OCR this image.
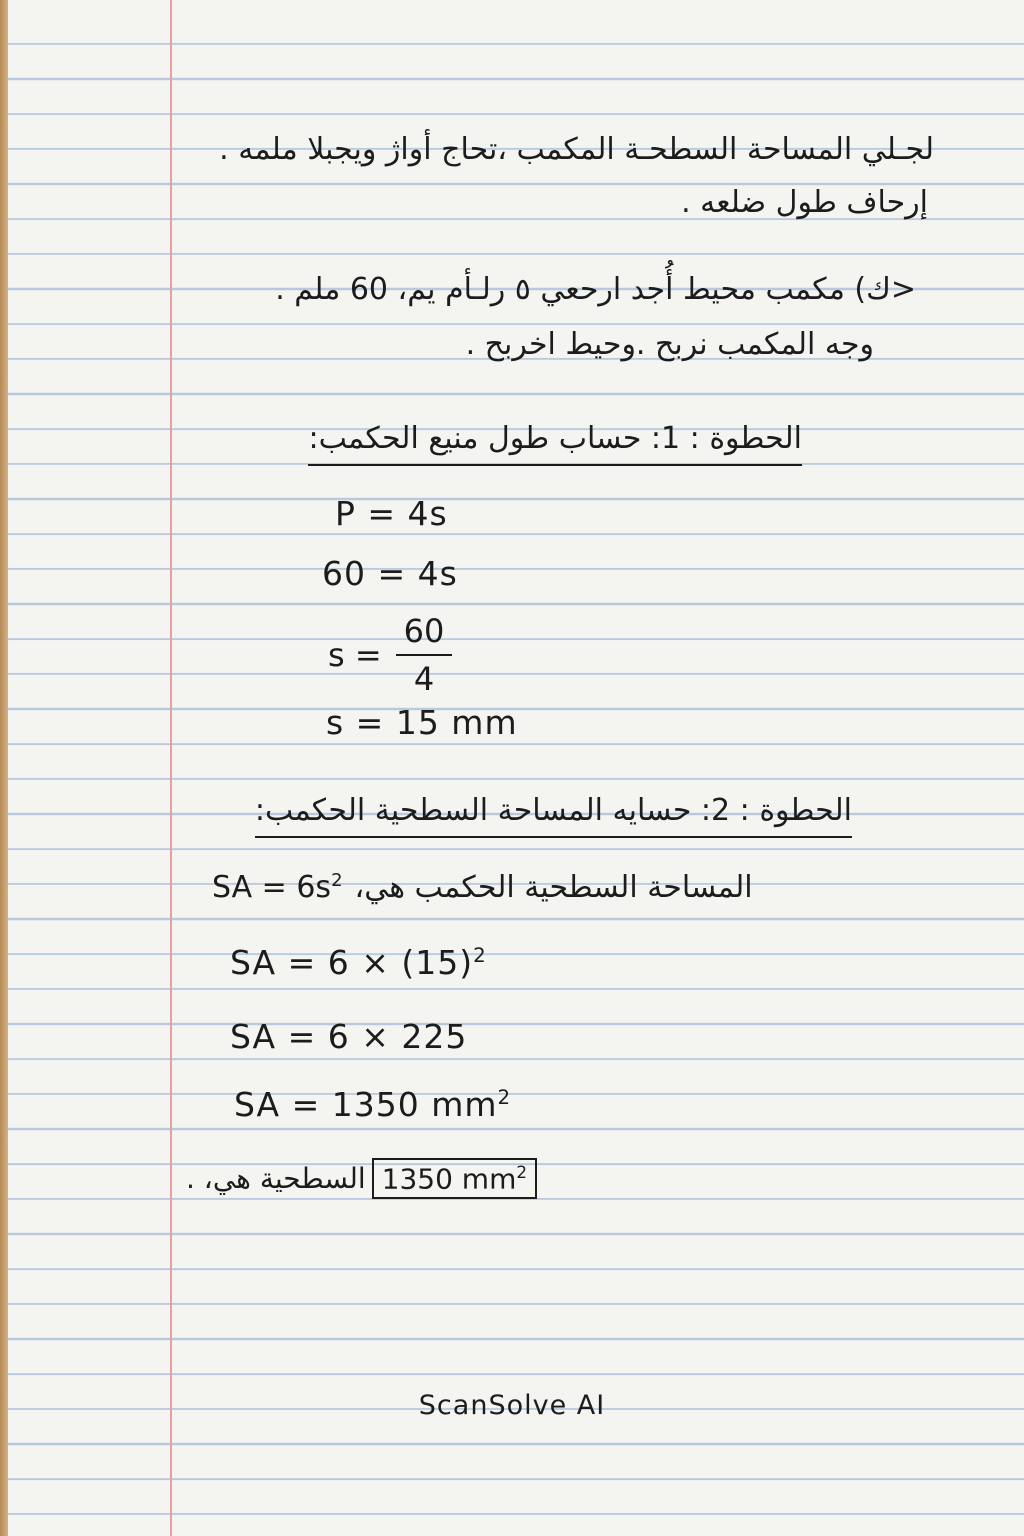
لجـلي المساحة السطحـة المكمب ،تحاج أواژ ويجبلا ملمه .
إرحاف طول ضلعه .
<ك) مكمب محيط أُجد ارحعي ٥ رلـأم يم، 60 ملم .
وجه المكمب نربح .وحيط اخربح .
الحطوة : 1: حساب طول منيع الحكمب:
P = 4s
60 = 4s
$s = \frac{60}{4}$
s = 15 mm
الحطوة : 2: حسايه المساحة السطحية الحكمب:
SA = $6s^2$ المساحة السطحية الحكمب هي،
SA = $6 \times (15)^2$
SA = 6 × 225
SA = 1350 $mm^2$
السطحية هي، . 1350 $mm^2$
ScanSolve AI
